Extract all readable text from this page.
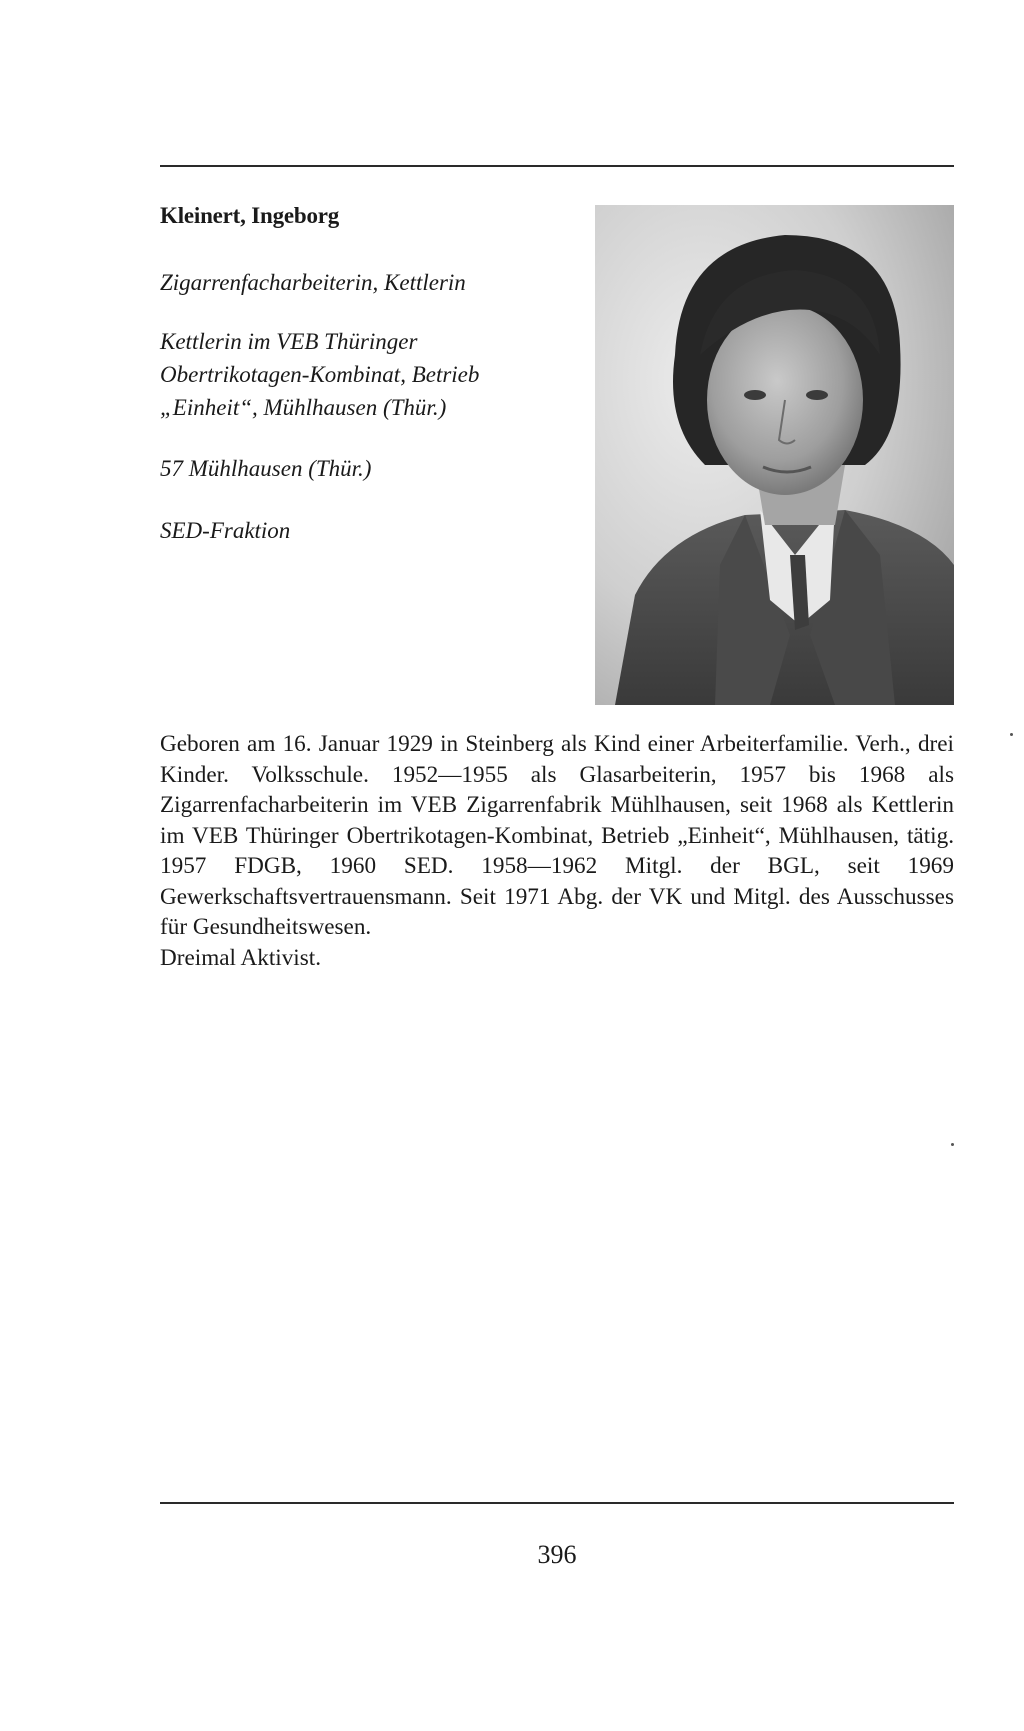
Kleinert, Ingeborg
Zigarrenfacharbeiterin, Kettlerin
Kettlerin im VEB Thüringer
Obertrikotagen-Kombinat, Betrieb
„Einheit“, Mühlhausen (Thür.)
57 Mühlhausen (Thür.)
SED-Fraktion

Geboren am 16. Januar 1929 in Steinberg als Kind einer Arbeiterfamilie. Verh., drei Kinder. Volksschule. 1952—1955 als Glasarbeiterin, 1957 bis 1968 als Zigarrenfacharbeiterin im VEB Zigarrenfabrik Mühlhausen, seit 1968 als Kettlerin im VEB Thüringer Obertrikotagen-Kombinat, Betrieb „Einheit“, Mühlhausen, tätig. 1957 FDGB, 1960 SED. 1958—1962 Mitgl. der BGL, seit 1969 Gewerkschaftsvertrauensmann. Seit 1971 Abg. der VK und Mitgl. des Ausschusses für Gesundheitswesen.

Dreimal Aktivist.

396
